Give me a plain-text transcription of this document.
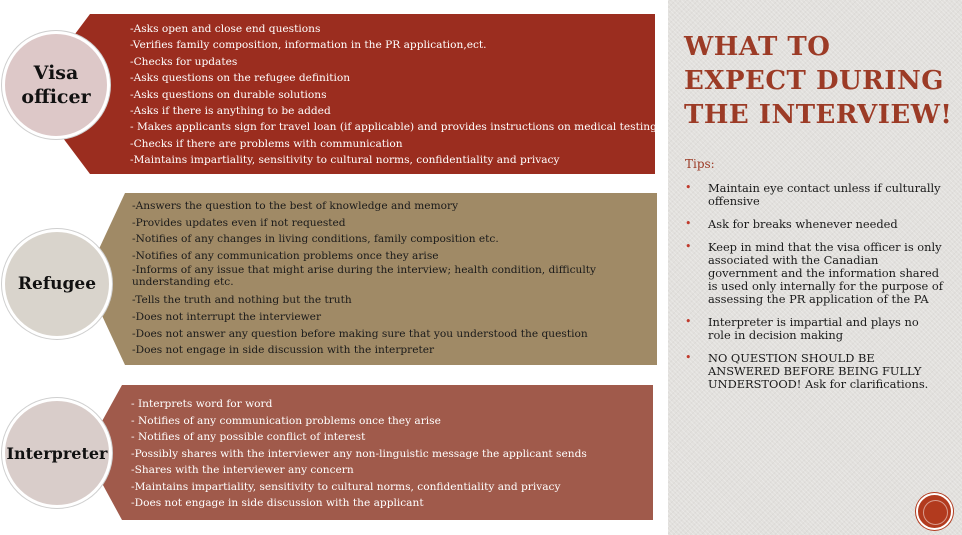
-Asks open and close end questions
-Verifies family composition, information in the PR application,ect.
-Checks for updates
-Asks questions on the refugee definition
-Asks questions on durable solutions
-Asks if there is anything to be added
- Makes applicants sign for travel loan (if applicable) and provides instructions on medical testing
-Checks if there are problems with communication
-Maintains impartiality, sensitivity to cultural norms, confidentiality and privacy
Visa
officer
-Answers the question to the best of knowledge and memory
-Provides updates even if not requested
-Notifies of any changes in living conditions, family composition etc.
-Notifies of any communication problems once they arise
-Informs of any issue that might arise during the interview; health condition, difficulty understanding etc.
-Tells the truth and nothing but the truth
-Does not interrupt the interviewer
-Does not answer any question before making sure that you understood the question
-Does not engage in side discussion with the interpreter
Refugee
- Interprets word for word
- Notifies of any communication problems once they arise
- Notifies of any possible conflict of interest
-Possibly shares with the interviewer any non-linguistic message the applicant sends
-Shares with the interviewer any concern
-Maintains impartiality, sensitivity to cultural norms, confidentiality and privacy
-Does not engage in side discussion with the applicant
Interpreter
WHAT TO EXPECT DURING THE INTERVIEW!
Tips:
• Maintain eye contact unless if culturally offensive
• Ask for breaks whenever needed
• Keep in mind that the visa officer is only associated with the Canadian government and the information shared is used only internally for the purpose of assessing the PR application of the PA
• Interpreter is impartial and plays no role in decision making
• NO QUESTION SHOULD BE ANSWERED BEFORE BEING FULLY UNDERSTOOD! Ask for clarifications.
